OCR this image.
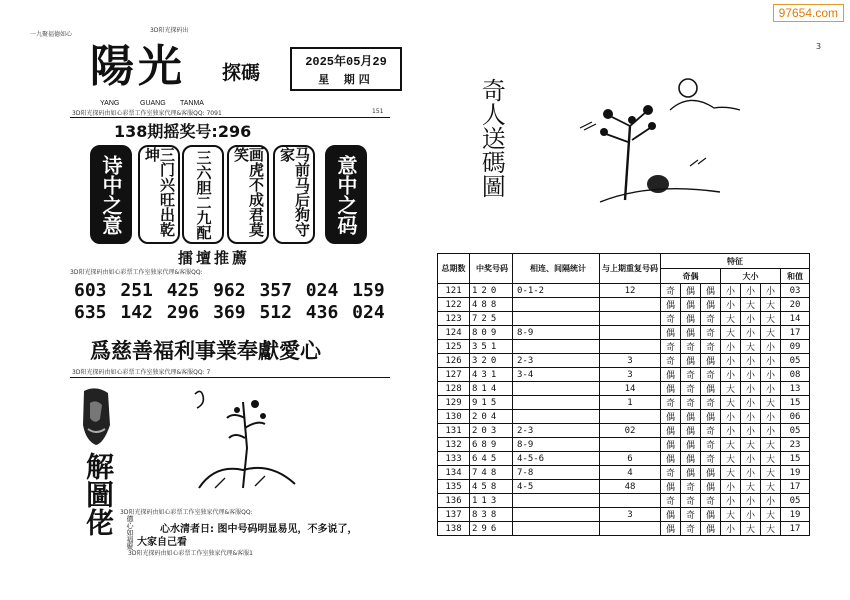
97654.com
一九聚福德如心
3D阳光探码出
陽光 探碼
YANG	GUANG TANMA
2025年05月29
星 期四
3D阳光探码由如心彩票工作室独家代理&客服QQ: 7091	151
138期摇奖号:296
诗中之意	三门兴旺出乾坤	三六胆二九配	画虎不成君莫笑	马前马后狗守家	意中之码
擂壇推薦
3D阳光探码由如心彩票工作室独家代理&客服QQ:
603 251 425 962 357 024 159
635 142 296 369 512 436 024
爲慈善福利事業奉獻愛心
3D阳光探码由如心彩票工作室独家代理&客服QQ: 7
解圖佬 德心如福聚
3D阳光探码由如心彩票工作室独家代理&客服QQ:
心水清者日: 图中号码明显易见，不多说了，
大家自己看
3D阳光探码由如心彩票工作室独家代理&客服1
3
奇人送碼圖
总期数	中奖号码	相连、间隔统计	与上期重复号码	特征						
				奇偶			大小			和值
121	120	0-1-2	12	奇	偶	偶	小	小	小	03
122	488			偶	偶	偶	小	大	大	20
123	725			奇	偶	奇	大	小	大	14
124	809	8-9		偶	偶	奇	大	小	大	17
125	351			奇	奇	奇	小	大	小	09
126	320	2-3	3	奇	偶	偶	小	小	小	05
127	431	3-4	3	偶	奇	奇	小	小	小	08
128	814		14	偶	奇	偶	大	小	小	13
129	915		1	奇	奇	奇	大	小	大	15
130	204			偶	偶	偶	小	小	小	06
131	203	2-3	02	偶	偶	奇	小	小	小	05
132	689	8-9		偶	偶	奇	大	大	大	23
133	645	4-5-6	6	偶	偶	奇	大	小	大	15
134	748	7-8	4	奇	偶	偶	大	小	大	19
135	458	4-5	48	偶	奇	偶	小	大	大	17
136	113			奇	奇	奇	小	小	小	05
137	838		3	偶	奇	偶	大	小	大	19
138	296			偶	奇	偶	小	大	大	17
